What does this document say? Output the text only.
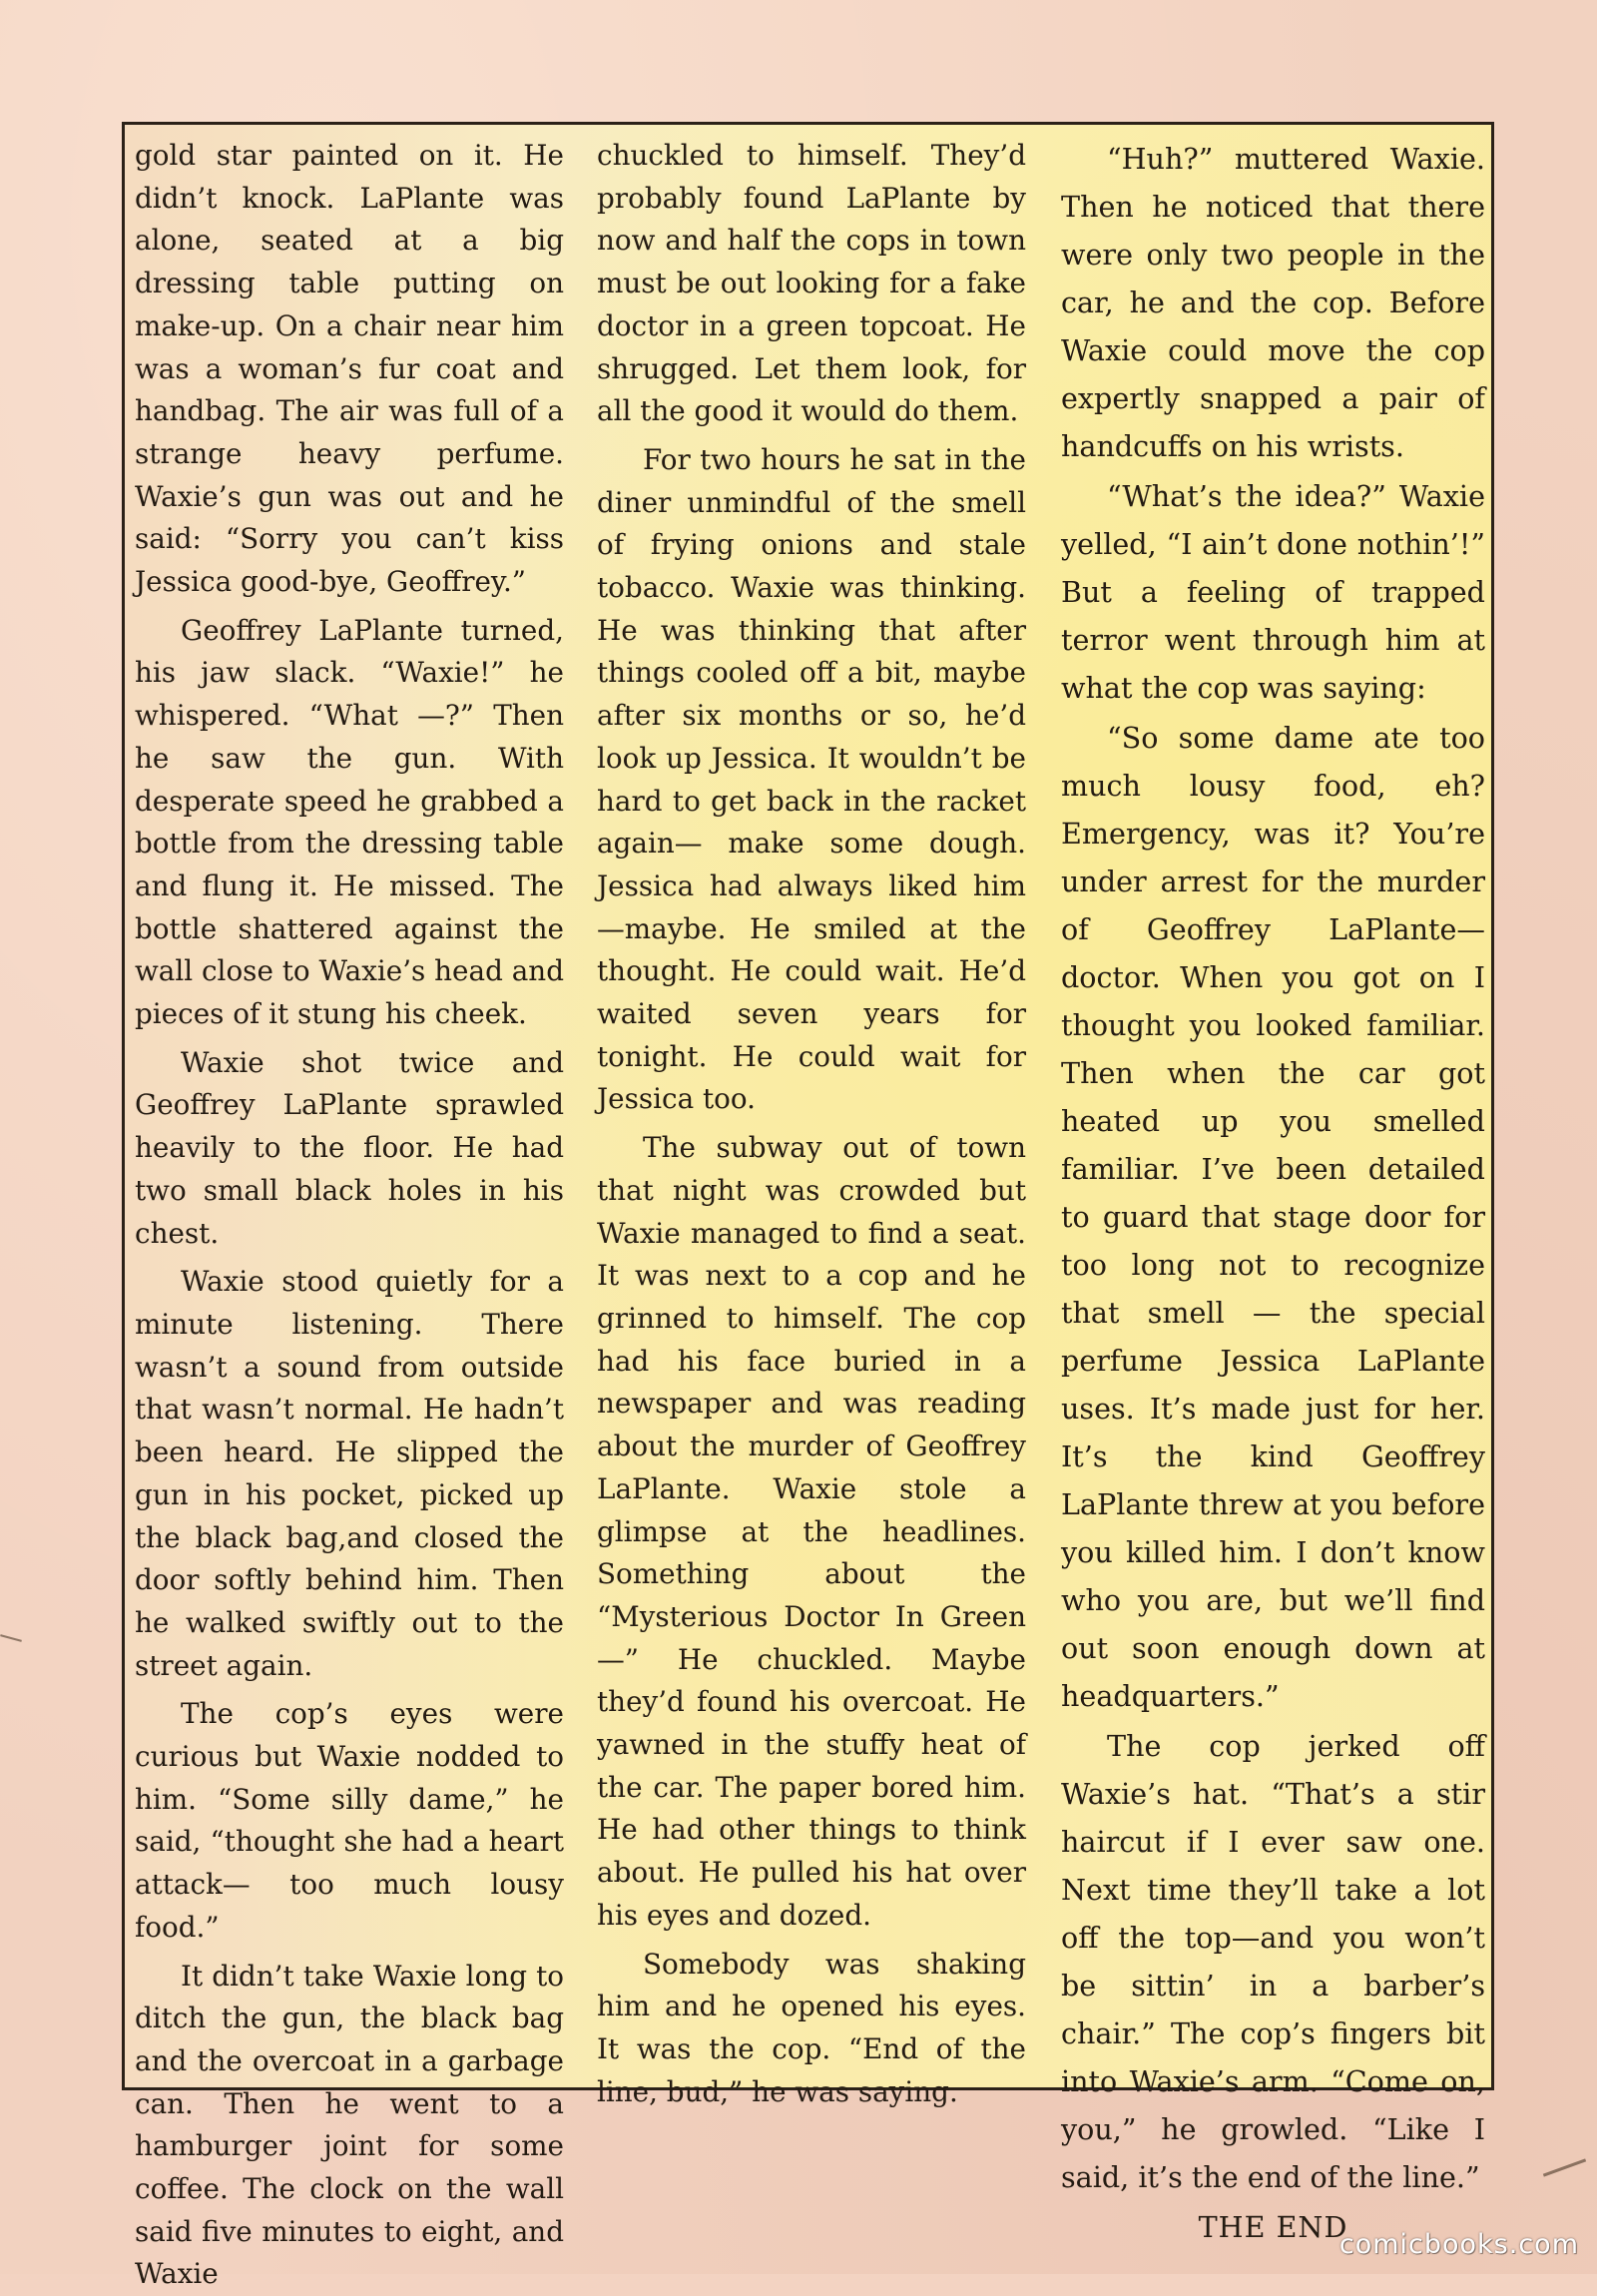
gold star painted on it. He didn’t knock. LaPlante was alone, seated at a big dressing table putting on make-up. On a chair near him was a woman’s fur coat and handbag. The air was full of a strange heavy perfume. Waxie’s gun was out and he said: “Sorry you can’t kiss Jessica good-bye, Geoffrey.”

Geoffrey LaPlante turned, his jaw slack. “Waxie!” he whispered. “What —?” Then he saw the gun. With desperate speed he grabbed a bottle from the dressing table and flung it. He missed. The bottle shattered against the wall close to Waxie’s head and pieces of it stung his cheek.

Waxie shot twice and Geoffrey LaPlante sprawled heavily to the floor. He had two small black holes in his chest.

Waxie stood quietly for a minute listening. There wasn’t a sound from outside that wasn’t normal. He hadn’t been heard. He slipped the gun in his pocket, picked up the black bag,and closed the door softly behind him. Then he walked swiftly out to the street again.

The cop’s eyes were curious but Waxie nodded to him. “Some silly dame,” he said, “thought she had a heart attack— too much lousy food.”

It didn’t take Waxie long to ditch the gun, the black bag and the overcoat in a garbage can. Then he went to a hamburger joint for some coffee. The clock on the wall said five minutes to eight, and Waxie

chuckled to himself. They’d probably found LaPlante by now and half the cops in town must be out looking for a fake doctor in a green topcoat. He shrugged. Let them look, for all the good it would do them.

For two hours he sat in the diner unmindful of the smell of frying onions and stale tobacco. Waxie was thinking. He was thinking that after things cooled off a bit, maybe after six months or so, he’d look up Jessica. It wouldn’t be hard to get back in the racket again— make some dough. Jessica had always liked him—maybe. He smiled at the thought. He could wait. He’d waited seven years for tonight. He could wait for Jessica too.

The subway out of town that night was crowded but Waxie managed to find a seat. It was next to a cop and he grinned to himself. The cop had his face buried in a newspaper and was reading about the murder of Geoffrey LaPlante. Waxie stole a glimpse at the headlines. Something about the “Mysterious Doctor In Green—” He chuckled. Maybe they’d found his overcoat. He yawned in the stuffy heat of the car. The paper bored him. He had other things to think about. He pulled his hat over his eyes and dozed.

Somebody was shaking him and he opened his eyes. It was the cop. “End of the line, bud,” he was saying.

“Huh?” muttered Waxie. Then he noticed that there were only two people in the car, he and the cop. Before Waxie could move the cop expertly snapped a pair of handcuffs on his wrists.

“What’s the idea?” Waxie yelled, “I ain’t done nothin’!” But a feeling of trapped terror went through him at what the cop was saying:

“So some dame ate too much lousy food, eh? Emergency, was it? You’re under arrest for the murder of Geoffrey LaPlante—doctor. When you got on I thought you looked familiar. Then when the car got heated up you smelled familiar. I’ve been detailed to guard that stage door for too long not to recognize that smell — the special perfume Jessica LaPlante uses. It’s made just for her. It’s the kind Geoffrey LaPlante threw at you before you killed him. I don’t know who you are, but we’ll find out soon enough down at headquarters.”

The cop jerked off Waxie’s hat. “That’s a stir haircut if I ever saw one. Next time they’ll take a lot off the top—and you won’t be sittin’ in a barber’s chair.” The cop’s fingers bit into Waxie’s arm. “Come on, you,” he growled. “Like I said, it’s the end of the line.”

THE END

comicbooks.com
